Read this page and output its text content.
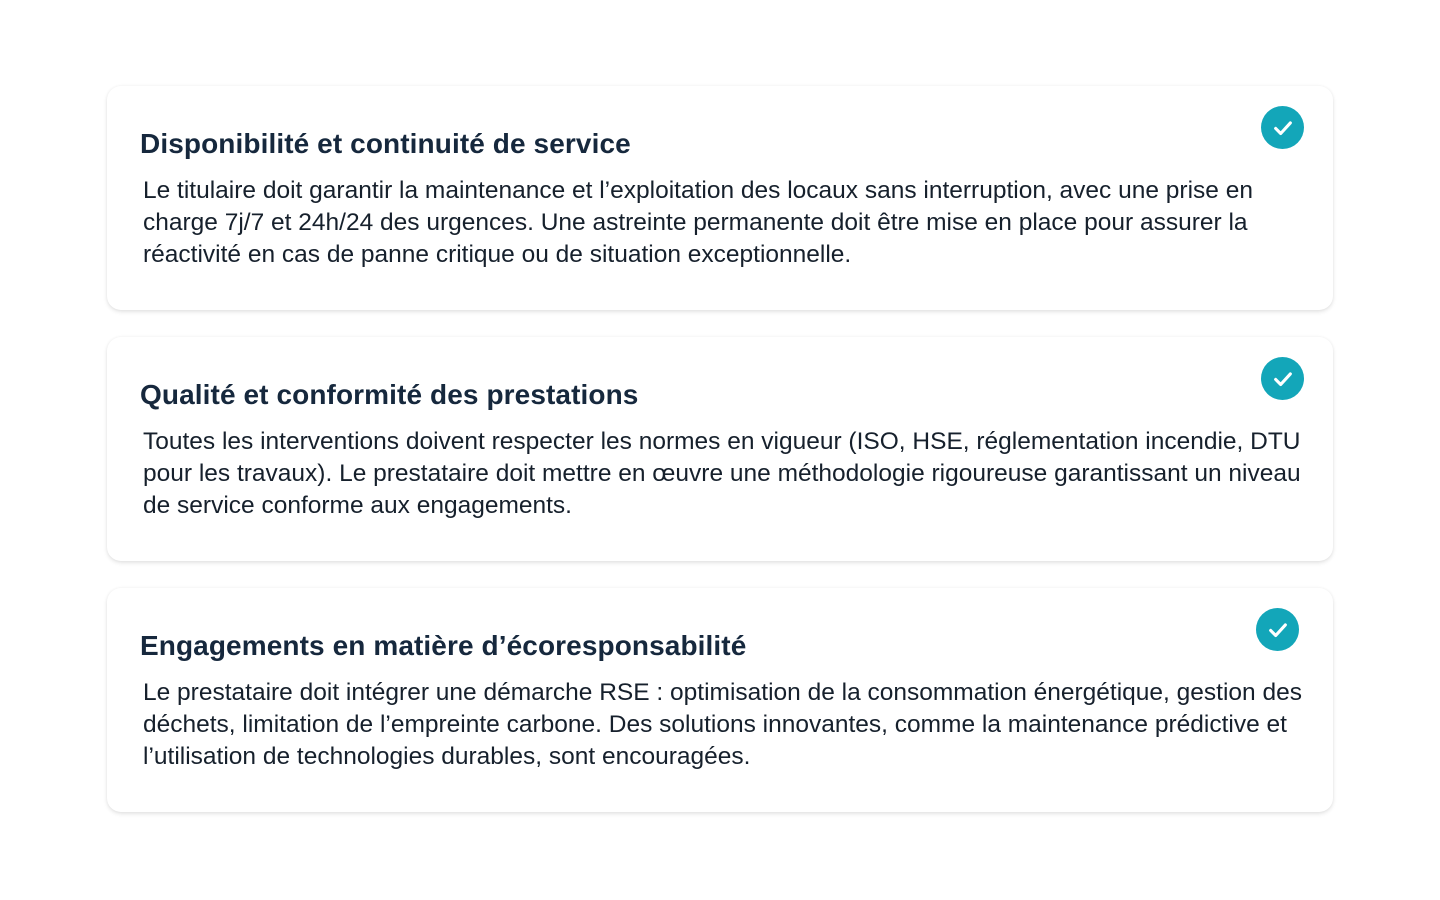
Disponibilité et continuité de service

Le titulaire doit garantir la maintenance et l’exploitation des locaux sans interruption, avec une prise en charge 7j/7 et 24h/24 des urgences. Une astreinte permanente doit être mise en place pour assurer la réactivité en cas de panne critique ou de situation exceptionnelle.

Qualité et conformité des prestations

Toutes les interventions doivent respecter les normes en vigueur (ISO, HSE, réglementation incendie, DTU pour les travaux). Le prestataire doit mettre en œuvre une méthodologie rigoureuse garantissant un niveau de service conforme aux engagements.

Engagements en matière d’écoresponsabilité

Le prestataire doit intégrer une démarche RSE : optimisation de la consommation énergétique, gestion des déchets, limitation de l’empreinte carbone. Des solutions innovantes, comme la maintenance prédictive et l’utilisation de technologies durables, sont encouragées.
